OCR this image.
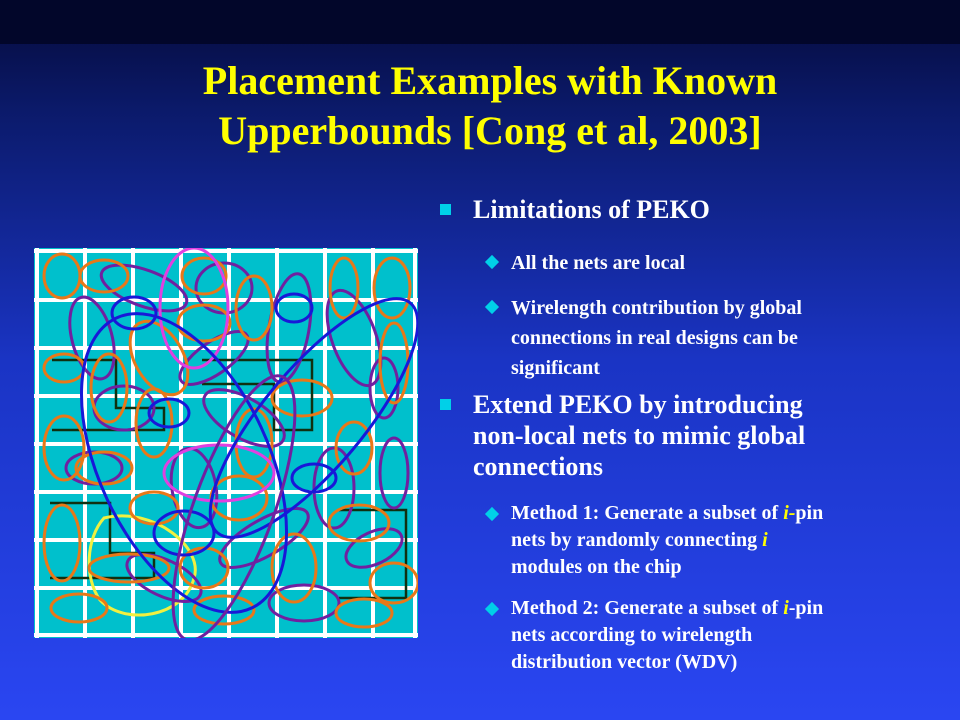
Placement Examples with Known
Upperbounds [Cong et al, 2003]
Limitations of PEKO
All the nets are local
Wirelength contribution by global
connections in real designs can be
significant
Extend PEKO by introducing
non-local nets to mimic global
connections
Method 1: Generate a subset of i-pin
nets by randomly connecting i
modules on the chip
Method 2: Generate a subset of i-pin
nets according to wirelength
distribution vector (WDV)
